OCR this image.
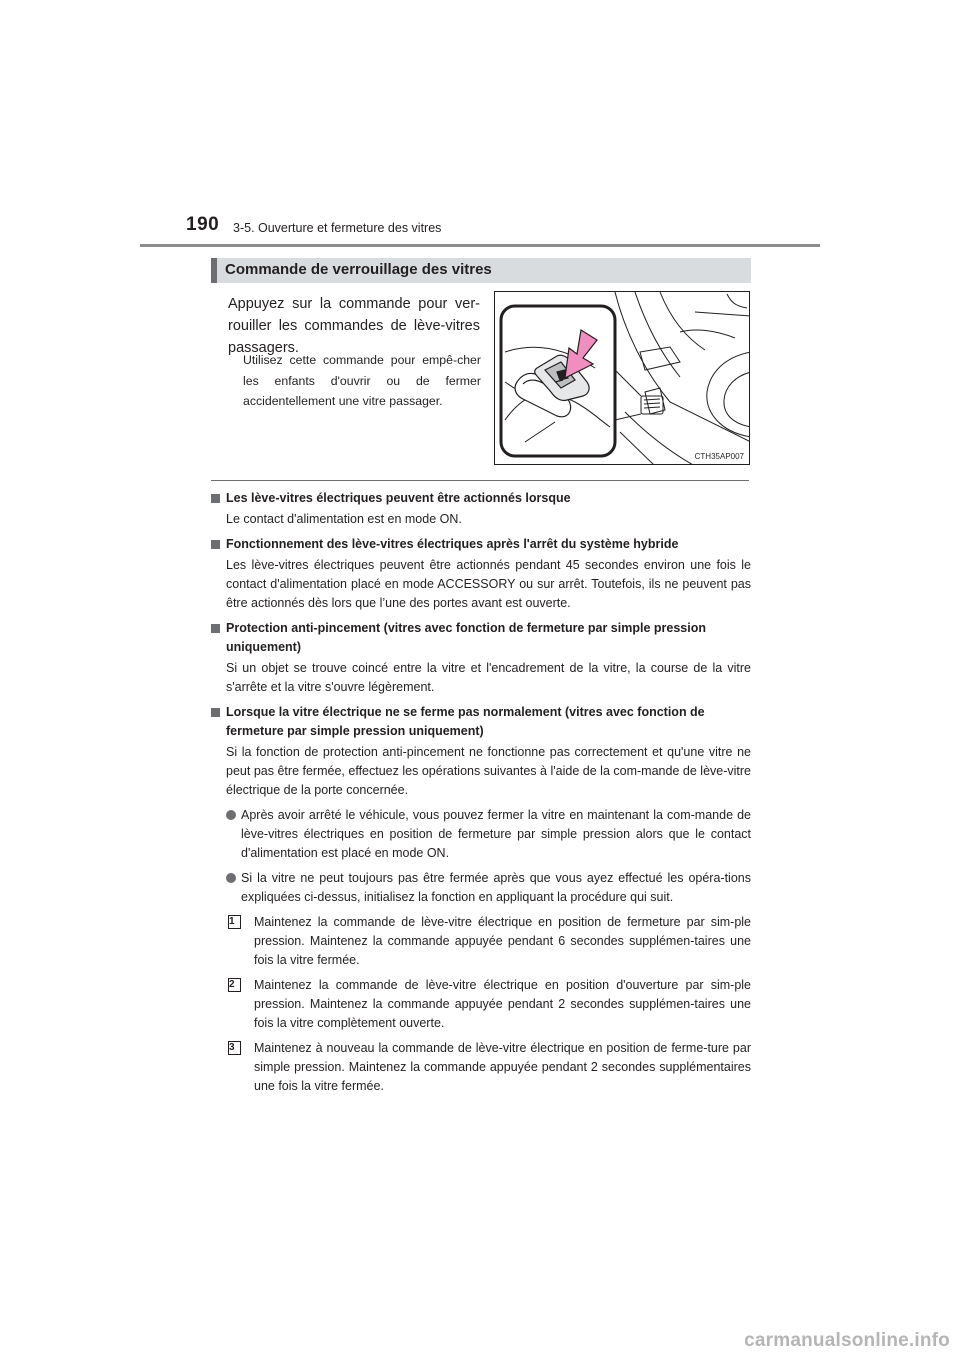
190 3-5. Ouverture et fermeture des vitres
Commande de verrouillage des vitres
Appuyez sur la commande pour ver-rouiller les commandes de lève-vitres passagers.
Utilisez cette commande pour empê-cher les enfants d'ouvrir ou de fermer accidentellement une vitre passager.
CTH35AP007
Les lève-vitres électriques peuvent être actionnés lorsque
Le contact d'alimentation est en mode ON.
Fonctionnement des lève-vitres électriques après l'arrêt du système hybride
Les lève-vitres électriques peuvent être actionnés pendant 45 secondes environ une fois le contact d'alimentation placé en mode ACCESSORY ou sur arrêt. Toutefois, ils ne peuvent pas être actionnés dès lors que l’une des portes avant est ouverte.
Protection anti-pincement (vitres avec fonction de fermeture par simple pression uniquement)
Si un objet se trouve coincé entre la vitre et l'encadrement de la vitre, la course de la vitre s'arrête et la vitre s'ouvre légèrement.
Lorsque la vitre électrique ne se ferme pas normalement (vitres avec fonction de fermeture par simple pression uniquement)
Si la fonction de protection anti-pincement ne fonctionne pas correctement et qu'une vitre ne peut pas être fermée, effectuez les opérations suivantes à l'aide de la com-mande de lève-vitre électrique de la porte concernée.
Après avoir arrêté le véhicule, vous pouvez fermer la vitre en maintenant la com-mande de lève-vitres électriques en position de fermeture par simple pression alors que le contact d'alimentation est placé en mode ON.
Si la vitre ne peut toujours pas être fermée après que vous ayez effectué les opéra-tions expliquées ci-dessus, initialisez la fonction en appliquant la procédure qui suit.
1	Maintenez la commande de lève-vitre électrique en position de fermeture par sim-ple pression. Maintenez la commande appuyée pendant 6 secondes supplémen-taires une fois la vitre fermée.
2	Maintenez la commande de lève-vitre électrique en position d'ouverture par sim-ple pression. Maintenez la commande appuyée pendant 2 secondes supplémen-taires une fois la vitre complètement ouverte.
3	Maintenez à nouveau la commande de lève-vitre électrique en position de ferme-ture par simple pression. Maintenez la commande appuyée pendant 2 secondes supplémentaires une fois la vitre fermée.
carmanualsonline.info
